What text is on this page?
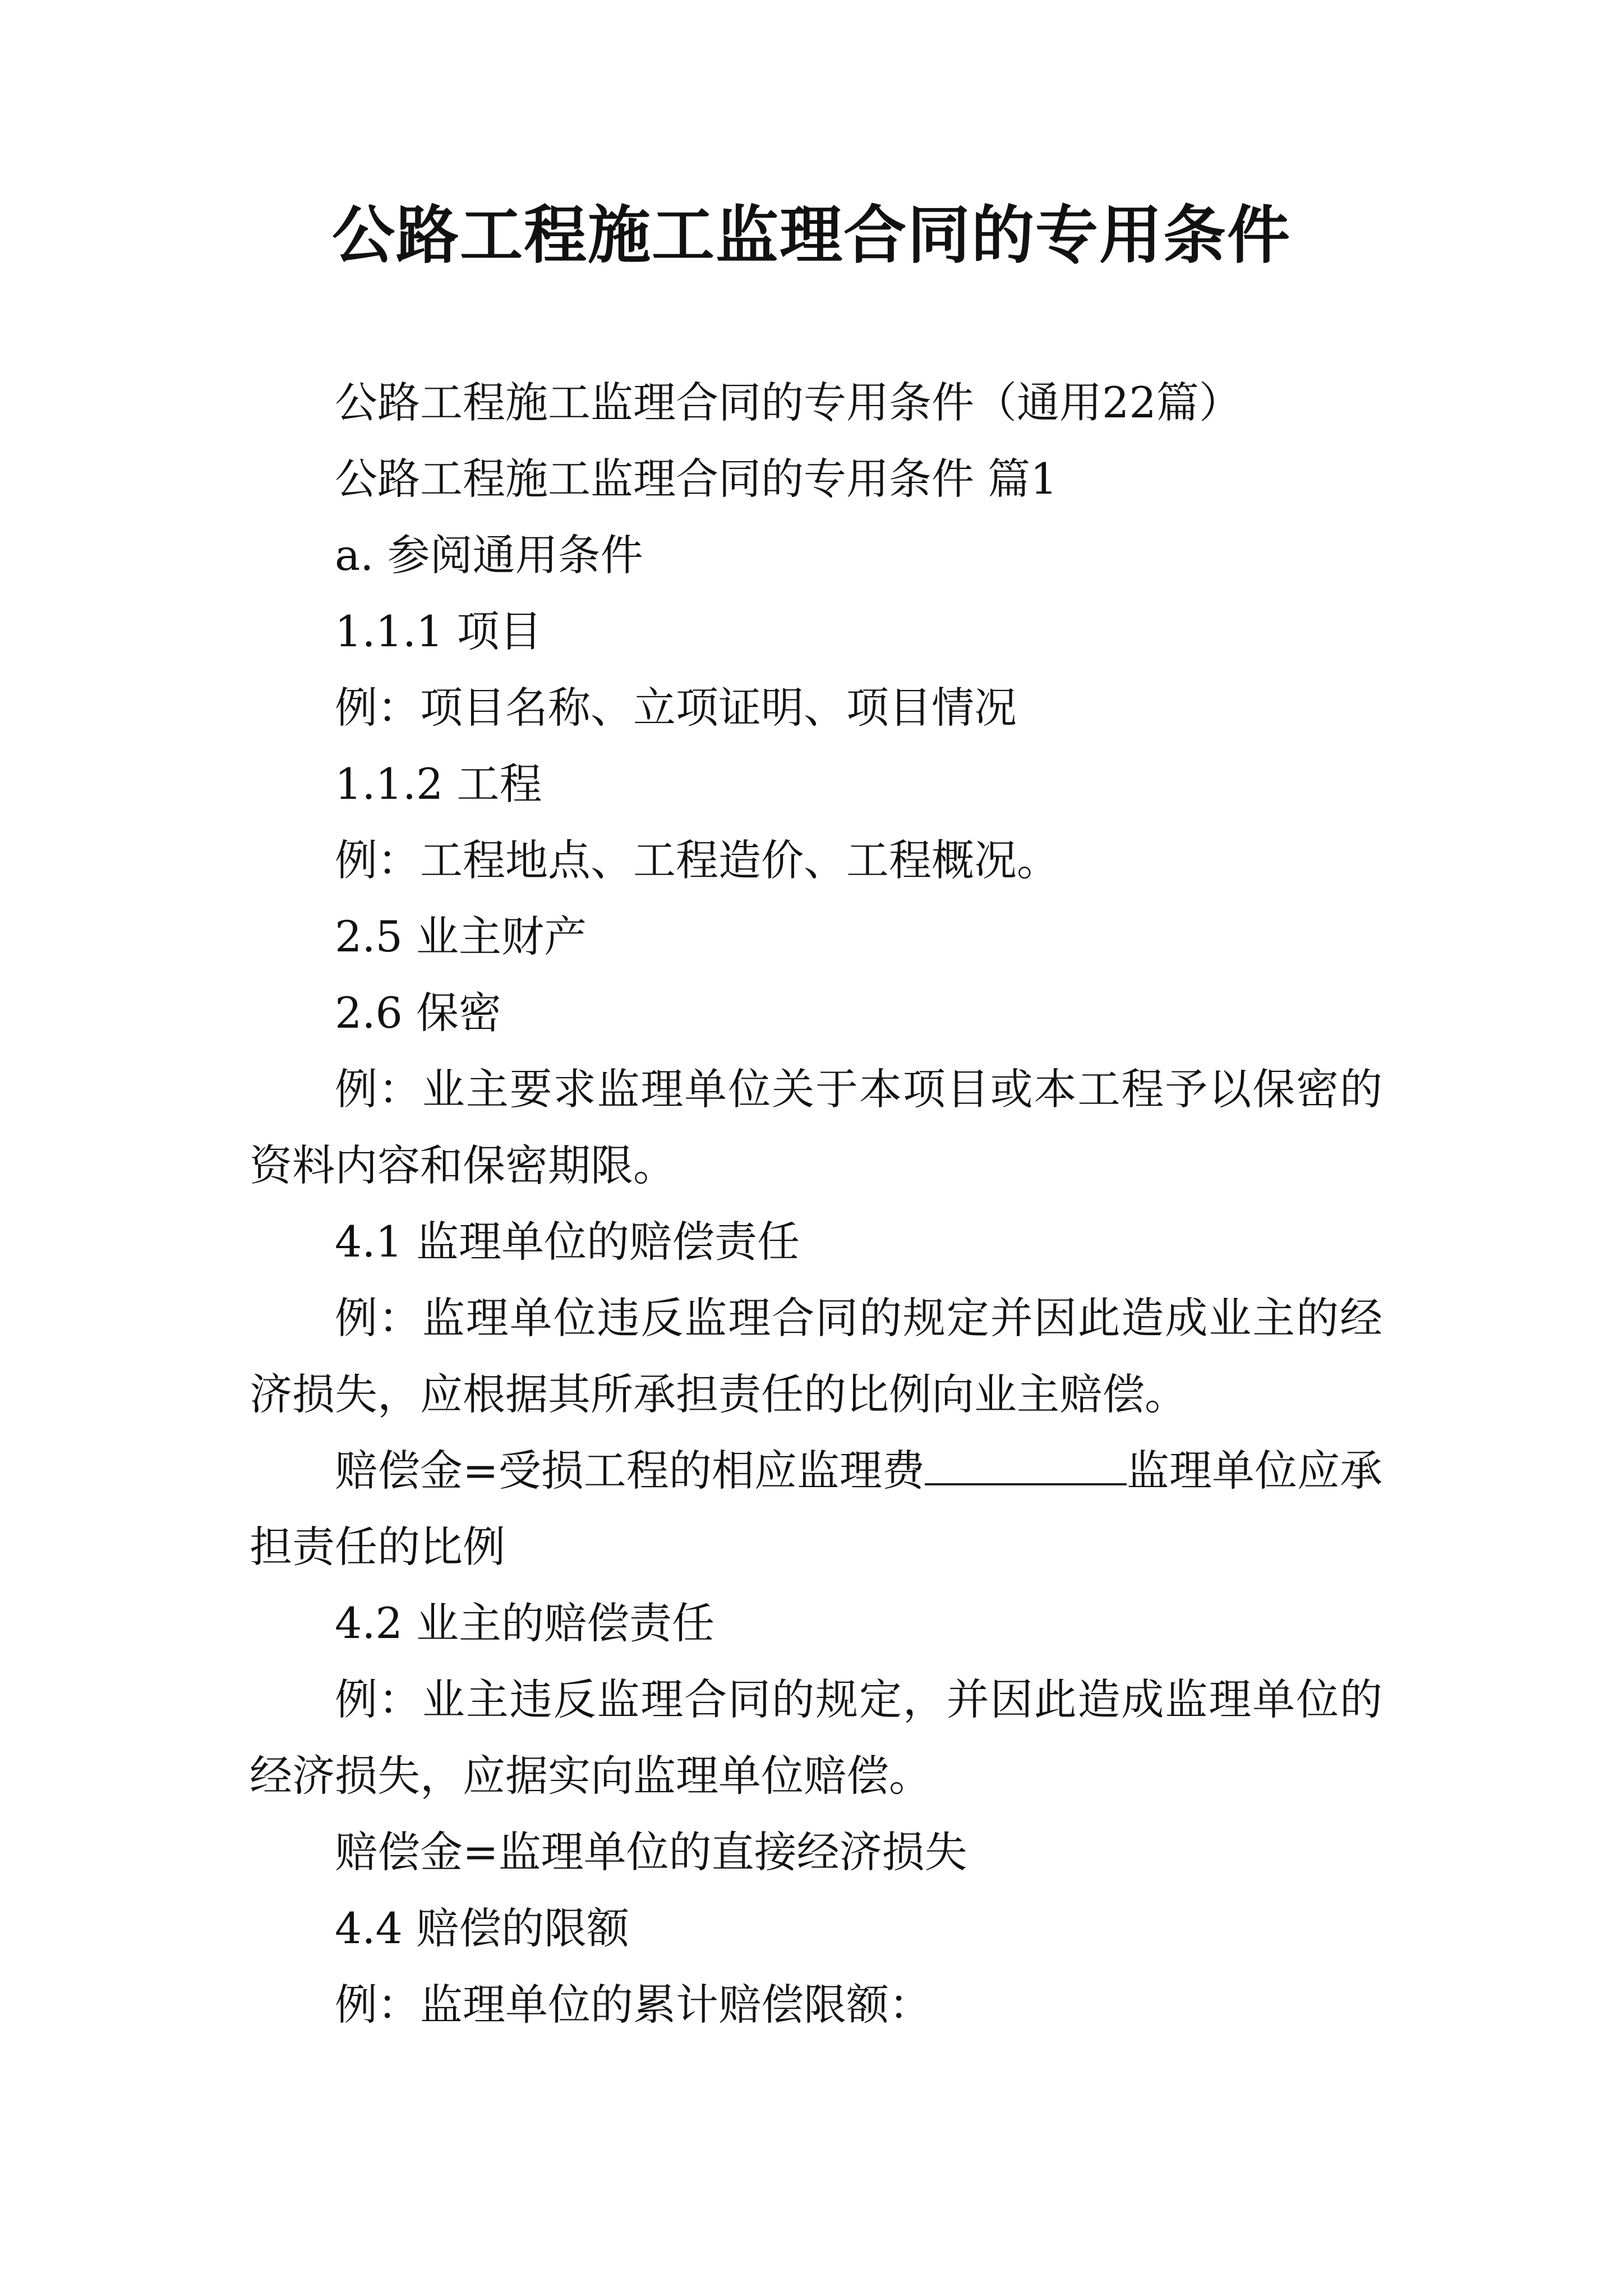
公路工程施工监理合同的专用条件

公路工程施工监理合同的专用条件（通用22篇）

公路工程施工监理合同的专用条件 篇1

a. 参阅通用条件

1.1.1 项目

例：项目名称、立项证明、项目情况

1.1.2 工程

例：工程地点、工程造价、工程概况。

2.5 业主财产

2.6 保密

例：业主要求监理单位关于本项目或本工程予以保密的资料内容和保密期限。

4.1 监理单位的赔偿责任

例：监理单位违反监理合同的规定并因此造成业主的经济损失，应根据其所承担责任的比例向业主赔偿。

赔偿金=受损工程的相应监理费	监理单位应承担责任的比例

4.2 业主的赔偿责任

例：业主违反监理合同的规定，并因此造成监理单位的经济损失，应据实向监理单位赔偿。

赔偿金=监理单位的直接经济损失

4.4 赔偿的限额

例：监理单位的累计赔偿限额：
